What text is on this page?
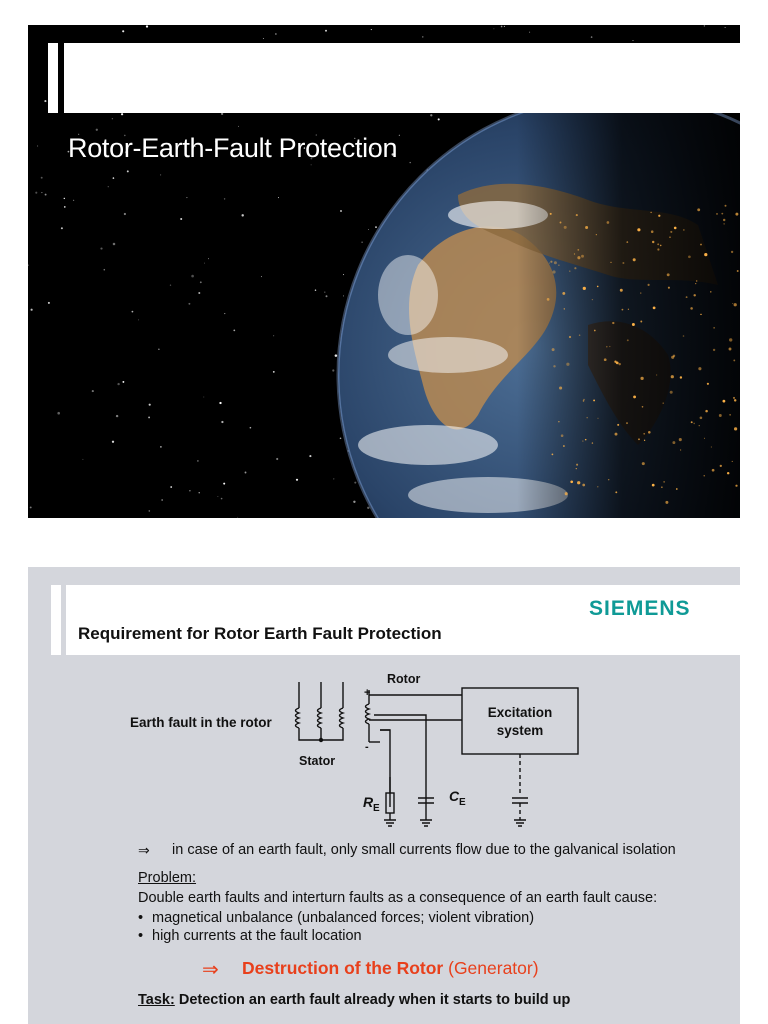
Rotor-Earth-Fault Protection
SIEMENS
Requirement for Rotor Earth Fault Protection
Rotor
Stator
Earth fault in the rotor
+
-
Excitation
system
R E
C E
⇒ in case of an earth fault, only small currents flow due to the galvanical isolation
Problem:
Double earth faults and interturn faults as a consequence of an earth fault cause:
• magnetical unbalance (unbalanced forces; violent vibration)
• high currents at the fault location
⇒ Destruction of the Rotor (Generator)
Task: Detection an earth fault already when it starts to build up
